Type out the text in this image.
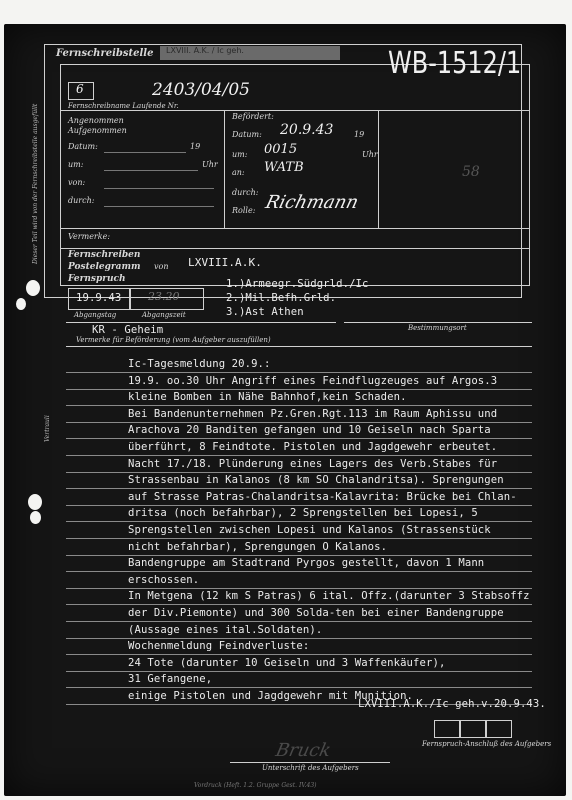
Dieser Teil wird von der Fernschreibstelle ausgefüllt
Vertrauli
Fernschreibstelle	LXVIII. A.K. / Ic geh.	WB-1512/1
6	2403/04/05
Fernschreibname Laufende Nr.
Angenommen
Aufgenommen
Datum:	19
um:	Uhr
von:
durch:
Befördert:
Datum: 20.9.43	19
um: 0015	Uhr
an: WATB
durch:
Rolle: Richmann
58
Vermerke:
Fernschreiben
Postelegramm von
Fernspruch
LXVIII.A.K.
19.9.43 23.20
Abgangstag	Abgangszeit
1.)Armeegr.Südgrld./Ic
2.)Mil.Befh.Grld.
3.)Ast Athen
Bestimmungsort
KR - Geheim
Vermerke für Beförderung (vom Aufgeber auszufüllen)
Ic-Tagesmeldung 20.9.:
19.9. oo.30 Uhr Angriff eines Feindflugzeuges auf Argos.3
kleine Bomben in Nähe Bahnhof,kein Schaden.
Bei Bandenunternehmen Pz.Gren.Rgt.113 im Raum Aphissu und
Arachova 20 Banditen gefangen und 10 Geiseln nach Sparta
überführt, 8 Feindtote. Pistolen und Jagdgewehr erbeutet.
Nacht 17./18. Plünderung eines Lagers des Verb.Stabes für
Strassenbau in Kalanos (8 km SO Chalandritsa). Sprengungen
auf Strasse Patras-Chalandritsa-Kalavrita: Brücke bei Chlan-
dritsa (noch befahrbar), 2 Sprengstellen bei Lopesi, 5
Sprengstellen zwischen Lopesi und Kalanos (Strassenstück
nicht befahrbar), Sprengungen O Kalanos.
Bandengruppe am Stadtrand Pyrgos gestellt, davon 1 Mann
erschossen.
In Metgena (12 km S Patras) 6 ital. Offz.(darunter 3 Stabsoffz
der Div.Piemonte) und 300 Solda-ten bei einer Bandengruppe
(Aussage eines ital.Soldaten).
Wochenmeldung Feindverluste:
24 Tote (darunter 10 Geiseln und 3 Waffenkäufer),
31 Gefangene,
einige Pistolen und Jagdgewehr mit Munition.
LXVIII.A.K./Ic geh.v.20.9.43.
Fernspruch-Anschluß des Aufgebers
Bruck
Unterschrift des Aufgebers
Vordruck (Heft. 1.2. Gruppe Gest. IV.43)
